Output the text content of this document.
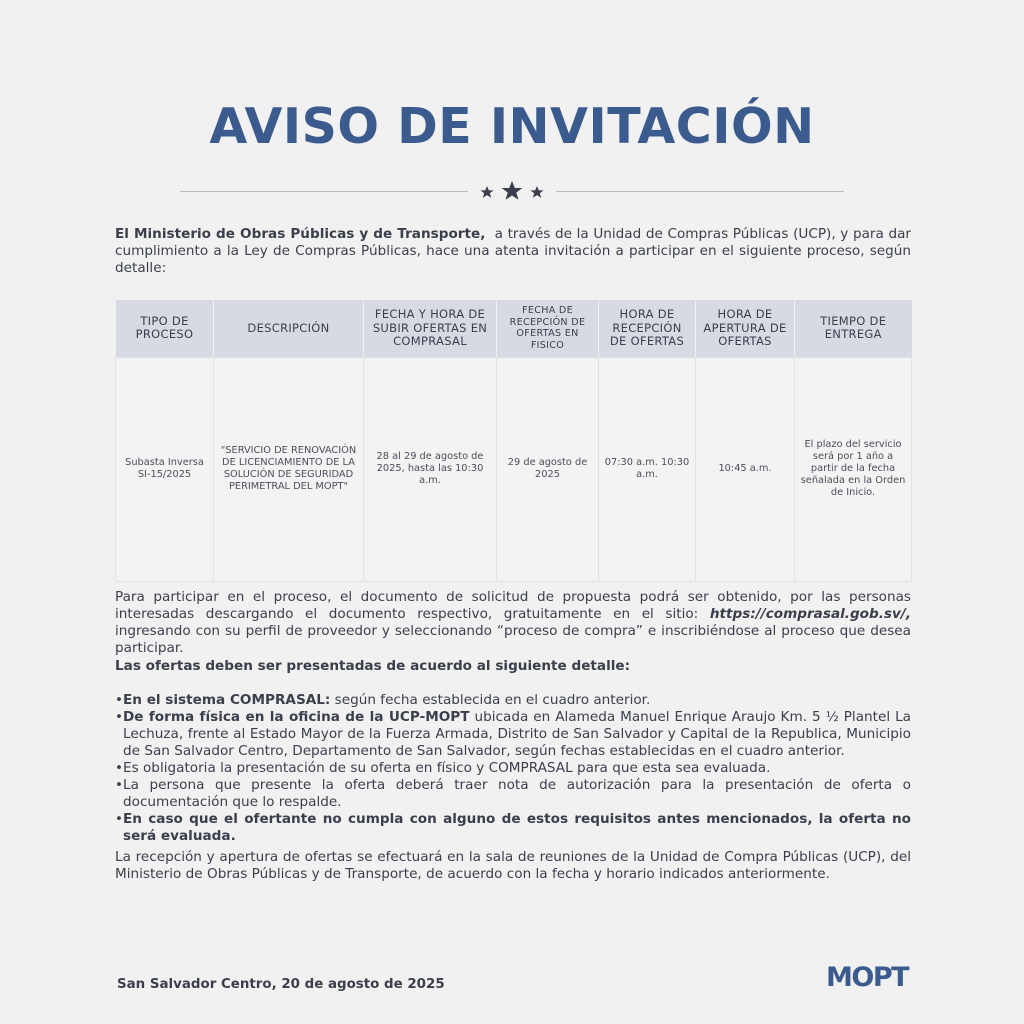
AVISO DE INVITACIÓN

El Ministerio de Obras Públicas y de Transporte, a través de la Unidad de Compras Públicas (UCP), y para dar cumplimiento a la Ley de Compras Públicas, hace una atenta invitación a participar en el siguiente proceso, según detalle:

TIPO DE PROCESO	DESCRIPCIÓN	FECHA Y HORA DE SUBIR OFERTAS EN COMPRASAL	FECHA DE RECEPCIÓN DE OFERTAS EN FISICO	HORA DE RECEPCIÓN DE OFERTAS	HORA DE APERTURA DE OFERTAS	TIEMPO DE ENTREGA
Subasta Inversa SI-15/2025	"SERVICIO DE RENOVACIÓN DE LICENCIAMIENTO DE LA SOLUCIÓN DE SEGURIDAD PERIMETRAL DEL MOPT"	28 al 29 de agosto de 2025, hasta las 10:30 a.m.	29 de agosto de 2025	07:30 a.m. 10:30 a.m.	10:45 a.m.	El plazo del servicio será por 1 año a partir de la fecha señalada en la Orden de Inicio.

Para participar en el proceso, el documento de solicitud de propuesta podrá ser obtenido, por las personas interesadas descargando el documento respectivo, gratuitamente en el sitio: https://comprasal.gob.sv/, ingresando con su perfil de proveedor y seleccionando “proceso de compra” e inscribiéndose al proceso que desea participar.

Las ofertas deben ser presentadas de acuerdo al siguiente detalle:

• En el sistema COMPRASAL: según fecha establecida en el cuadro anterior.
• De forma física en la oficina de la UCP-MOPT ubicada en Alameda Manuel Enrique Araujo Km. 5 ½ Plantel La Lechuza, frente al Estado Mayor de la Fuerza Armada, Distrito de San Salvador y Capital de la Republica, Municipio de San Salvador Centro, Departamento de San Salvador, según fechas establecidas en el cuadro anterior.
• Es obligatoria la presentación de su oferta en físico y COMPRASAL para que esta sea evaluada.
• La persona que presente la oferta deberá traer nota de autorización para la presentación de oferta o documentación que lo respalde.
• En caso que el ofertante no cumpla con alguno de estos requisitos antes mencionados, la oferta no será evaluada.

La recepción y apertura de ofertas se efectuará en la sala de reuniones de la Unidad de Compra Públicas (UCP), del Ministerio de Obras Públicas y de Transporte, de acuerdo con la fecha y horario indicados anteriormente.

San Salvador Centro, 20 de agosto de 2025	MOPT
